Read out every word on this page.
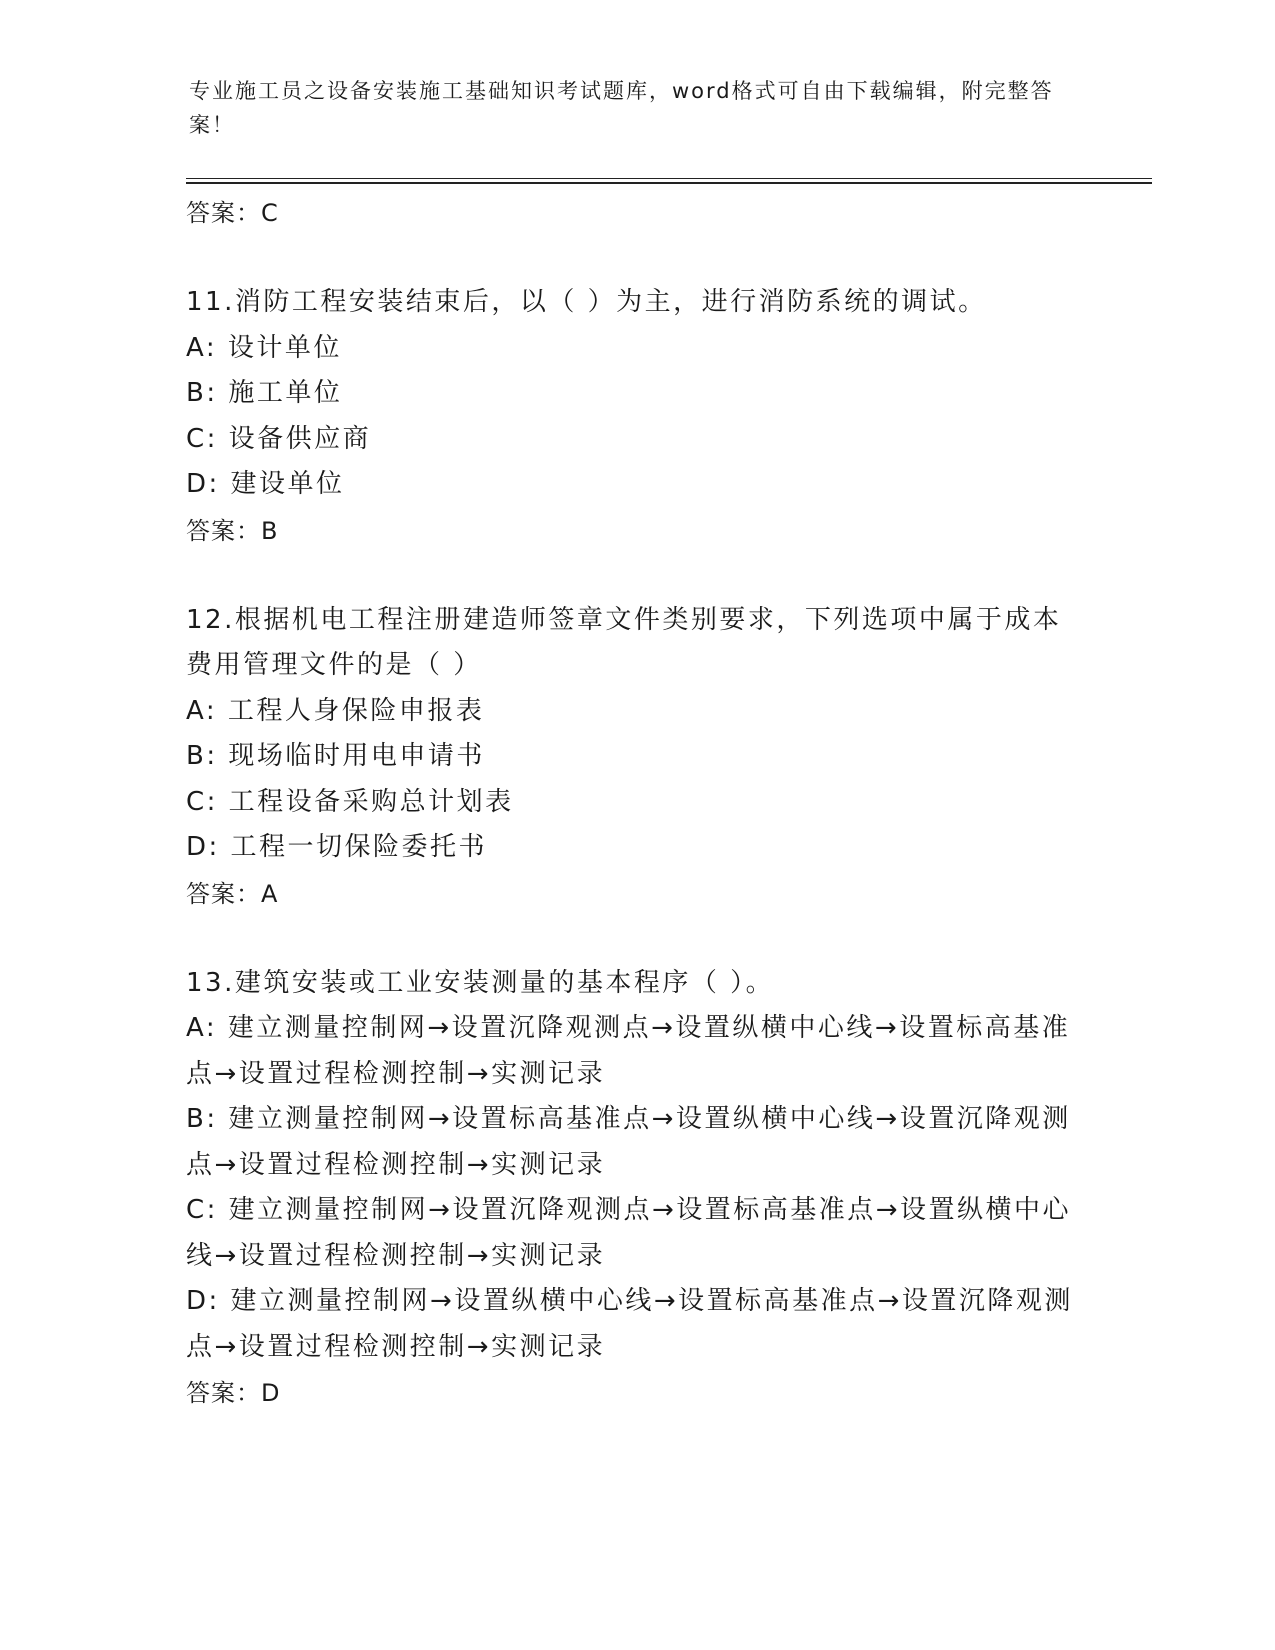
专业施工员之设备安装施工基础知识考试题库，word格式可自由下载编辑，附完整答案！
答案：C
11.消防工程安装结束后，以（ ）为主，进行消防系统的调试。
A: 设计单位
B: 施工单位
C: 设备供应商
D: 建设单位
答案：B
12.根据机电工程注册建造师签章文件类别要求，下列选项中属于成本费用管理文件的是（ ）
A: 工程人身保险申报表
B: 现场临时用电申请书
C: 工程设备采购总计划表
D: 工程一切保险委托书
答案：A
13.建筑安装或工业安装测量的基本程序（ ）。
A: 建立测量控制网→设置沉降观测点→设置纵横中心线→设置标高基准点→设置过程检测控制→实测记录
B: 建立测量控制网→设置标高基准点→设置纵横中心线→设置沉降观测点→设置过程检测控制→实测记录
C: 建立测量控制网→设置沉降观测点→设置标高基准点→设置纵横中心线→设置过程检测控制→实测记录
D: 建立测量控制网→设置纵横中心线→设置标高基准点→设置沉降观测点→设置过程检测控制→实测记录
答案：D
